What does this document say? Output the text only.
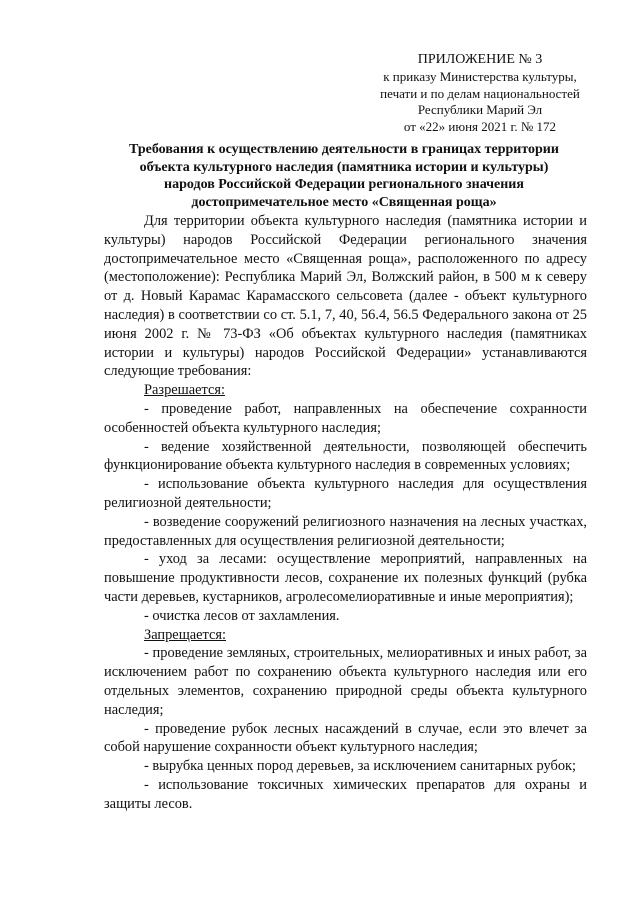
ПРИЛОЖЕНИЕ № 3
к приказу Министерства культуры,
печати и по делам национальностей
Республики Марий Эл
от «22» июня 2021 г. № 172
Требования к осуществлению деятельности в границах территории
объекта культурного наследия (памятника истории и культуры)
народов Российской Федерации регионального значения
достопримечательное место «Священная роща»

Для территории объекта культурного наследия (памятника истории и культуры) народов Российской Федерации регионального значения достопримечательное место «Священная роща», расположенного по адресу (местоположение): Республика Марий Эл, Волжский район, в 500 м к северу от д. Новый Карамас Карамасского сельсовета (далее - объект культурного наследия) в соответствии со ст. 5.1, 7, 40, 56.4, 56.5 Федерального закона от 25 июня 2002 г. № 73-ФЗ «Об объектах культурного наследия (памятниках истории и культуры) народов Российской Федерации» устанавливаются следующие требования:

Разрешается:

- проведение работ, направленных на обеспечение сохранности особенностей объекта культурного наследия;

- ведение хозяйственной деятельности, позволяющей обеспечить функционирование объекта культурного наследия в современных условиях;

- использование объекта культурного наследия для осуществления религиозной деятельности;

- возведение сооружений религиозного назначения на лесных участках, предоставленных для осуществления религиозной деятельности;

- уход за лесами: осуществление мероприятий, направленных на повышение продуктивности лесов, сохранение их полезных функций (рубка части деревьев, кустарников, агролесомелиоративные и иные мероприятия);

- очистка лесов от захламления.

Запрещается:

- проведение земляных, строительных, мелиоративных и иных работ, за исключением работ по сохранению объекта культурного наследия или его отдельных элементов, сохранению природной среды объекта культурного наследия;

- проведение рубок лесных насаждений в случае, если это влечет за собой нарушение сохранности объект культурного наследия;

- вырубка ценных пород деревьев, за исключением санитарных рубок;

- использование токсичных химических препаратов для охраны и защиты лесов.
